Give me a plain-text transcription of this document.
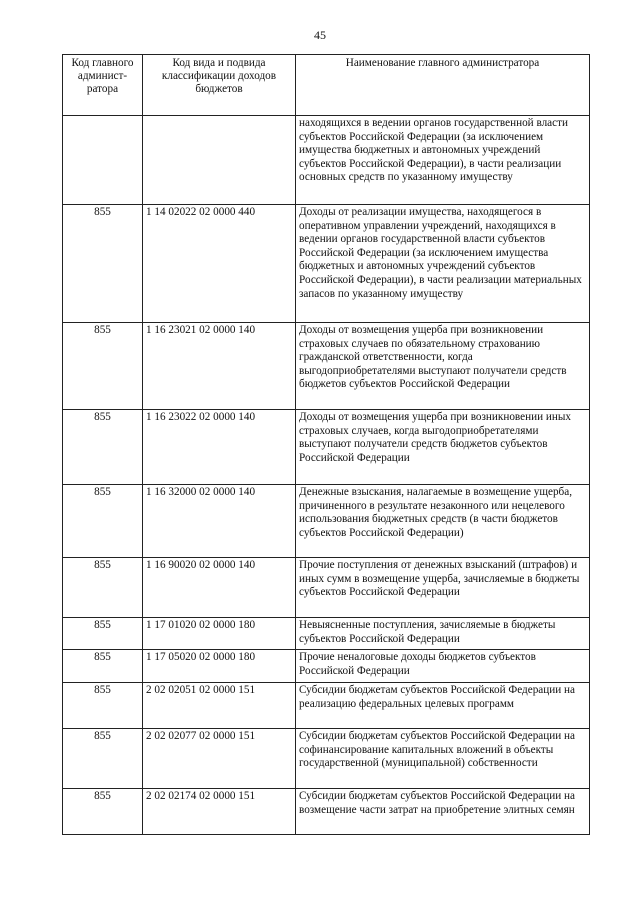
45
Код главного админист-ратора	Код вида и подвида классификации доходов бюджетов	Наименование главного администратора
		находящихся в ведении органов государственной власти субъектов Российской Федерации (за исключением имущества бюджетных и автономных учреждений субъектов Российской Федерации), в части реализации основных средств по указанному имуществу
855	1 14 02022 02 0000 440	Доходы от реализации имущества, находящегося в оперативном управлении учреждений, находящихся в ведении органов государственной власти субъектов Российской Федерации (за исключением имущества бюджетных и автономных учреждений субъектов Российской Федерации), в части реализации материальных запасов по указанному имуществу
855	1 16 23021 02 0000 140	Доходы от возмещения ущерба при возникновении страховых случаев по обязательному страхованию гражданской ответственности, когда выгодоприобретателями выступают получатели средств бюджетов субъектов Российской Федерации
855	1 16 23022 02 0000 140	Доходы от возмещения ущерба при возникновении иных страховых случаев, когда выгодоприобретателями выступают получатели средств бюджетов субъектов Российской Федерации
855	1 16 32000 02 0000 140	Денежные взыскания, налагаемые в возмещение ущерба, причиненного в результате незаконного или нецелевого использования бюджетных средств (в части бюджетов субъектов Российской Федерации)
855	1 16 90020 02 0000 140	Прочие поступления от денежных взысканий (штрафов) и иных сумм в возмещение ущерба, зачисляемые в бюджеты субъектов Российской Федерации
855	1 17 01020 02 0000 180	Невыясненные поступления, зачисляемые в бюджеты субъектов Российской Федерации
855	1 17 05020 02 0000 180	Прочие неналоговые доходы бюджетов субъектов Российской Федерации
855	2 02 02051 02 0000 151	Субсидии бюджетам субъектов Российской Федерации на реализацию федеральных целевых программ
855	2 02 02077 02 0000 151	Субсидии бюджетам субъектов Российской Федерации на софинансирование капитальных вложений в объекты государственной (муниципальной) собственности
855	2 02 02174 02 0000 151	Субсидии бюджетам субъектов Российской Федерации на возмещение части затрат на приобретение элитных семян
